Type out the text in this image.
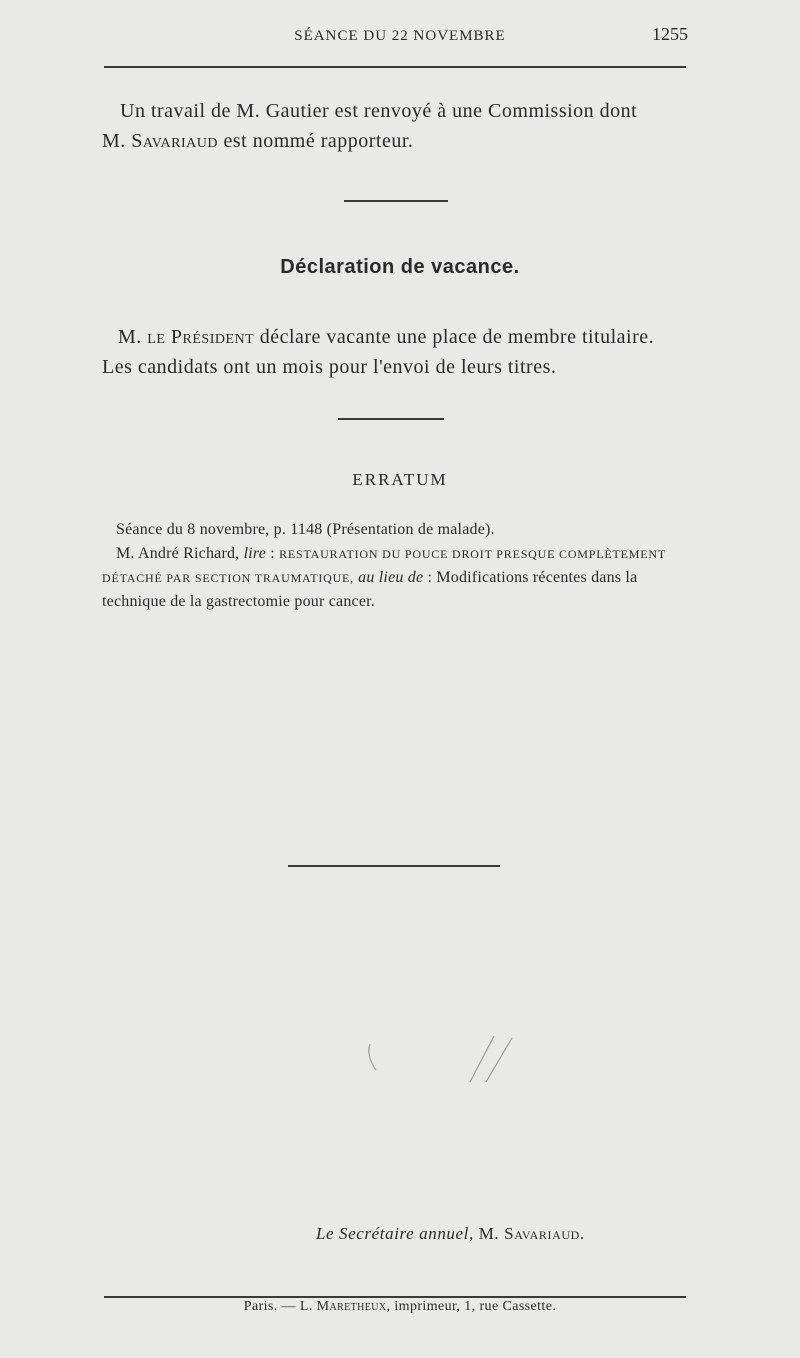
SÉANCE DU 22 NOVEMBRE	1255
Un travail de M. Gautier est renvoyé à une Commission dont
M. Savariaud est nommé rapporteur.
Déclaration de vacance.
M. le Président déclare vacante une place de membre titulaire.
Les candidats ont un mois pour l'envoi de leurs titres.
ERRATUM
Séance du 8 novembre, p. 1148 (Présentation de malade).
M. André Richard, lire : RESTAURATION DU POUCE DROIT PRESQUE COMPLÈTEMENT
DÉTACHÉ PAR SECTION TRAUMATIQUE, au lieu de : Modifications récentes dans la
technique de la gastrectomie pour cancer.
Le Secrétaire annuel, M. Savariaud.
Paris. — L. Maretheux, imprimeur, 1, rue Cassette.
